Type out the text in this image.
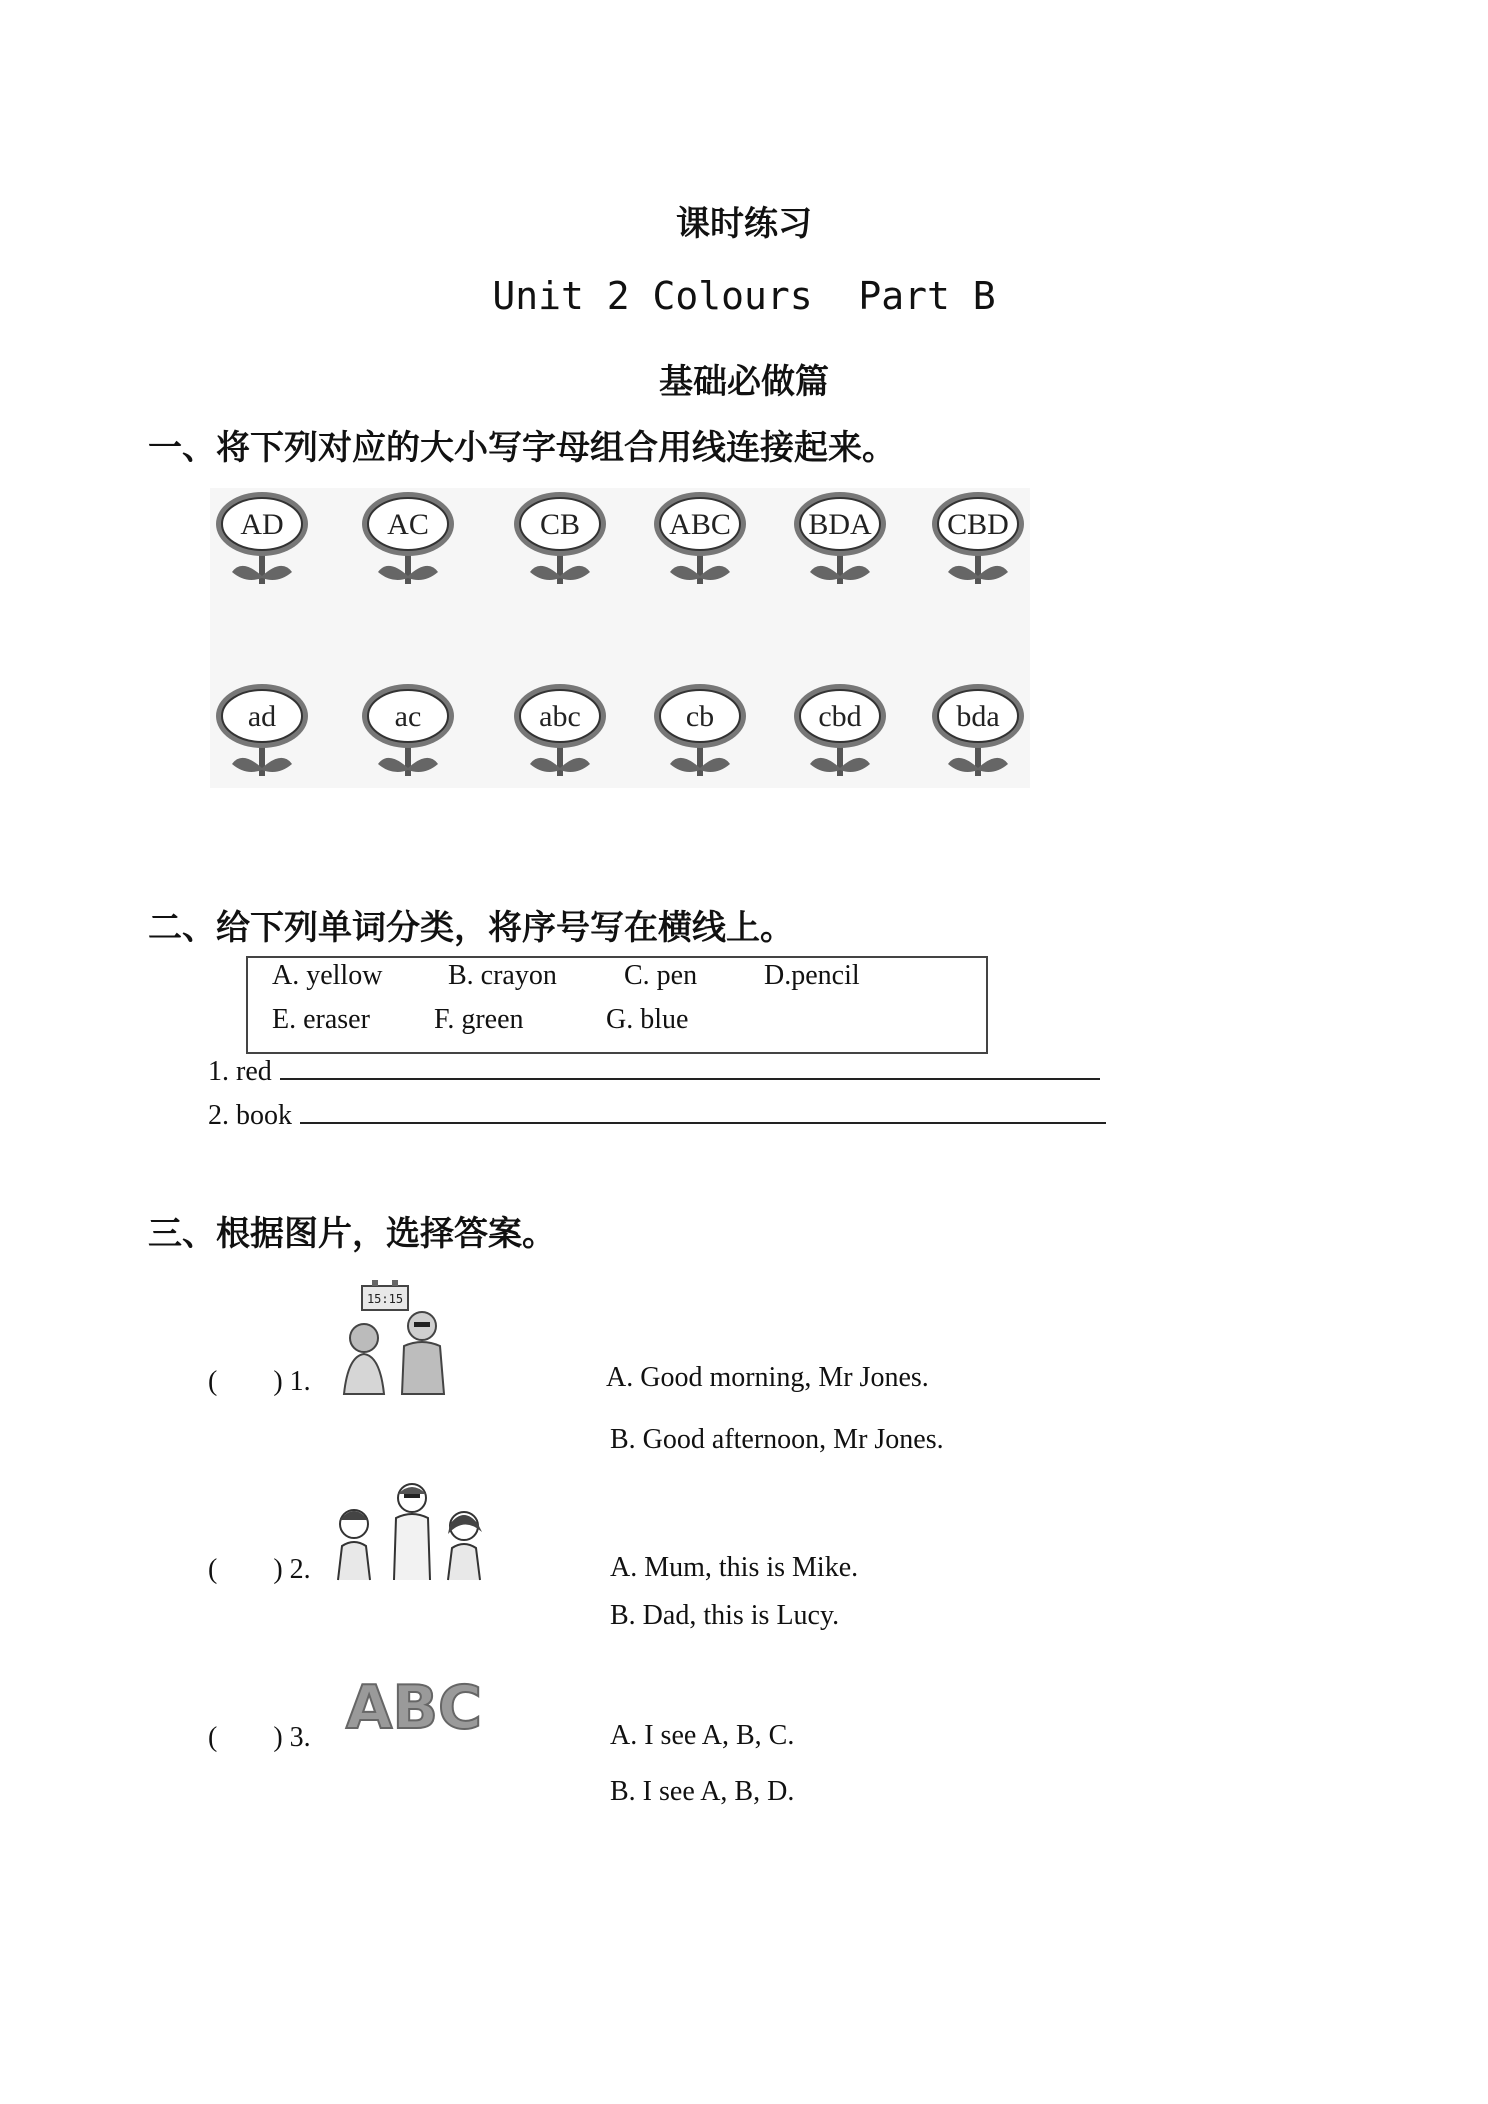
课时练习
Unit 2 Colours  Part B
基础必做篇
一、将下列对应的大小写字母组合用线连接起来。
AD	AC	CB	ABC	BDA	CBD
ad	ac	abc	cb	cbd	bda
二、给下列单词分类，将序号写在横线上。
A. yellow B. crayon C. pen D.pencil
E. eraser F. green	G. blue
1. red
2. book
三、根据图片，选择答案。
(        ) 1.
15:15
A. Good morning, Mr Jones.
B. Good afternoon, Mr Jones.
(        ) 2.	A. Mum, this is Mike.
B. Dad, this is Lucy.
(        ) 3. ABC	A. I see A, B, C.
B. I see A, B, D.
